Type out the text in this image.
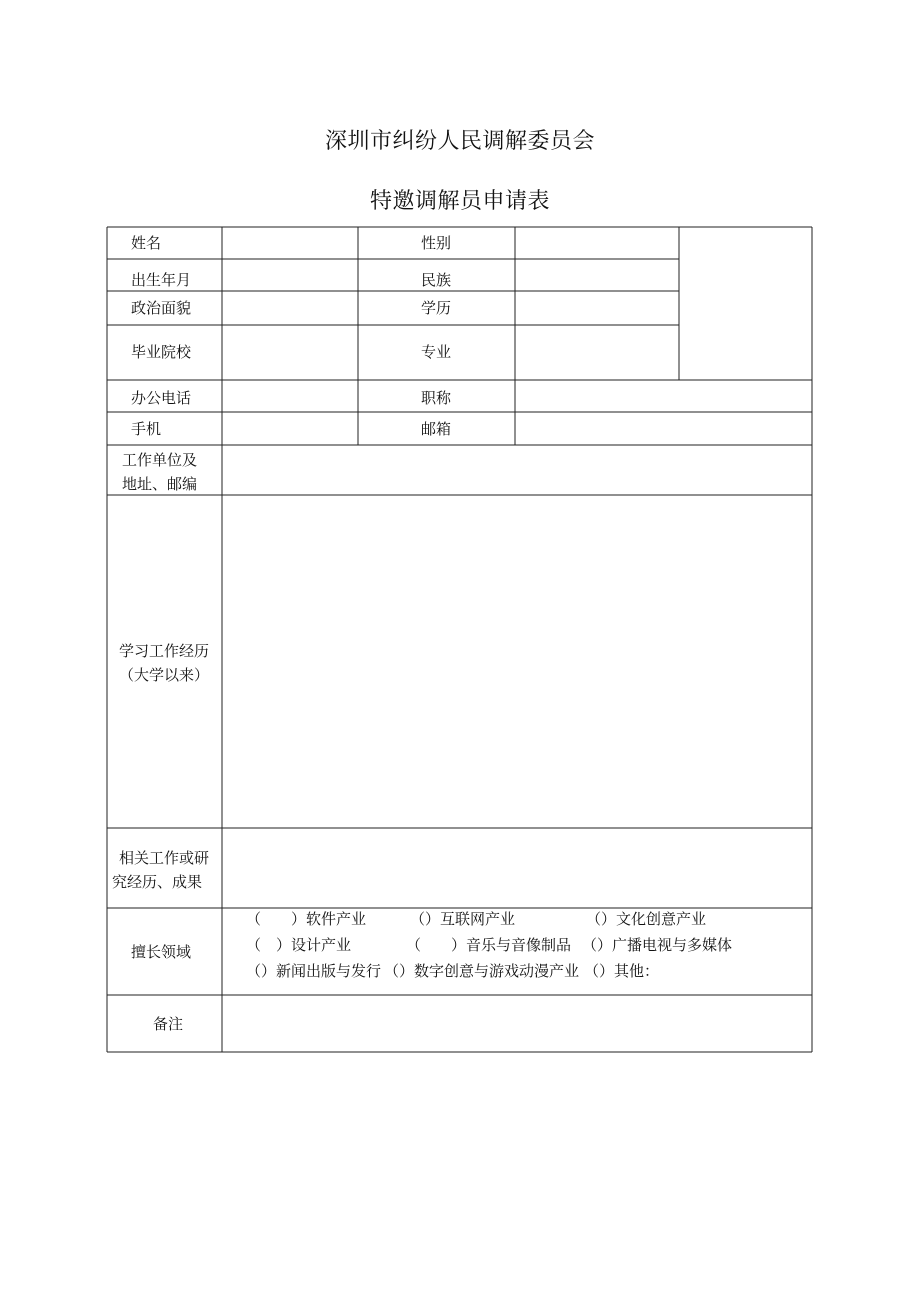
深圳市纠纷人民调解委员会
特邀调解员申请表
姓名	性别
出生年月	民族
政治面貌	学历
毕业院校	专业
办公电话	职称
手机	邮箱
工作单位及
地址、邮编
学习工作经历
（大学以来）
相关工作或研
究经历、成果
擅长领域
（　　）软件产业	（）互联网产业	（）文化创意产业
（　）设计产业	（　　）音乐与音像制品 （）广播电视与多媒体
（）新闻出版与发行 （）数字创意与游戏动漫产业 （）其他：
备注
